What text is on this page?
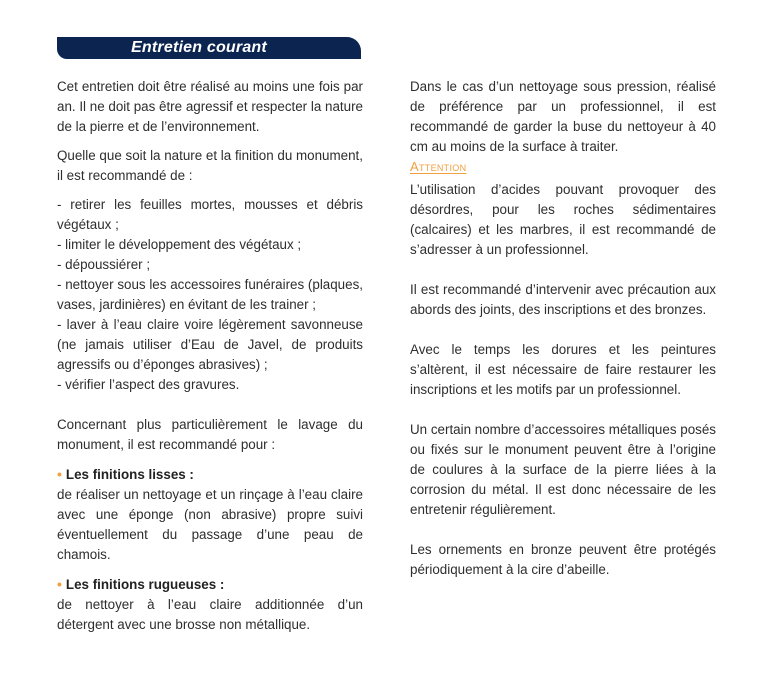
Entretien courant

Cet entretien doit être réalisé au moins une fois par an. Il ne doit pas être agressif et respecter la nature de la pierre et de l’environnement.

Quelle que soit la nature et la finition du monument, il est recommandé de :

- retirer les feuilles mortes, mousses et débris végétaux ;

- limiter le développement des végétaux ;

- dépoussiérer ;

- nettoyer sous les accessoires funéraires (plaques, vases, jardinières) en évitant de les trainer ;

- laver à l’eau claire voire légèrement savonneuse (ne jamais utiliser d’Eau de Javel, de produits agressifs ou d’éponges abrasives) ;

- vérifier l’aspect des gravures.

Concernant plus particulièrement le lavage du monument, il est recommandé pour :

• Les finitions lisses :

de réaliser un nettoyage et un rinçage à l’eau claire avec une éponge (non abrasive) propre suivi éventuellement du passage d’une peau de chamois.

• Les finitions rugueuses :

de nettoyer à l’eau claire additionnée d’un détergent avec une brosse non métallique.

Dans le cas d’un nettoyage sous pression, réalisé de préférence par un professionnel, il est recommandé de garder la buse du nettoyeur à 40 cm au moins de la surface à traiter.

Attention

L’utilisation d’acides pouvant provoquer des désordres, pour les roches sédimentaires (calcaires) et les marbres, il est recommandé de s’adresser à un professionnel.

Il est recommandé d’intervenir avec précaution aux abords des joints, des inscriptions et des bronzes.

Avec le temps les dorures et les peintures s’altèrent, il est nécessaire de faire restaurer les inscriptions et les motifs par un professionnel.

Un certain nombre d’accessoires métalliques posés ou fixés sur le monument peuvent être à l’origine de coulures à la surface de la pierre liées à la corrosion du métal. Il est donc nécessaire de les entretenir régulièrement.

Les ornements en bronze peuvent être protégés périodiquement à la cire d’abeille.
